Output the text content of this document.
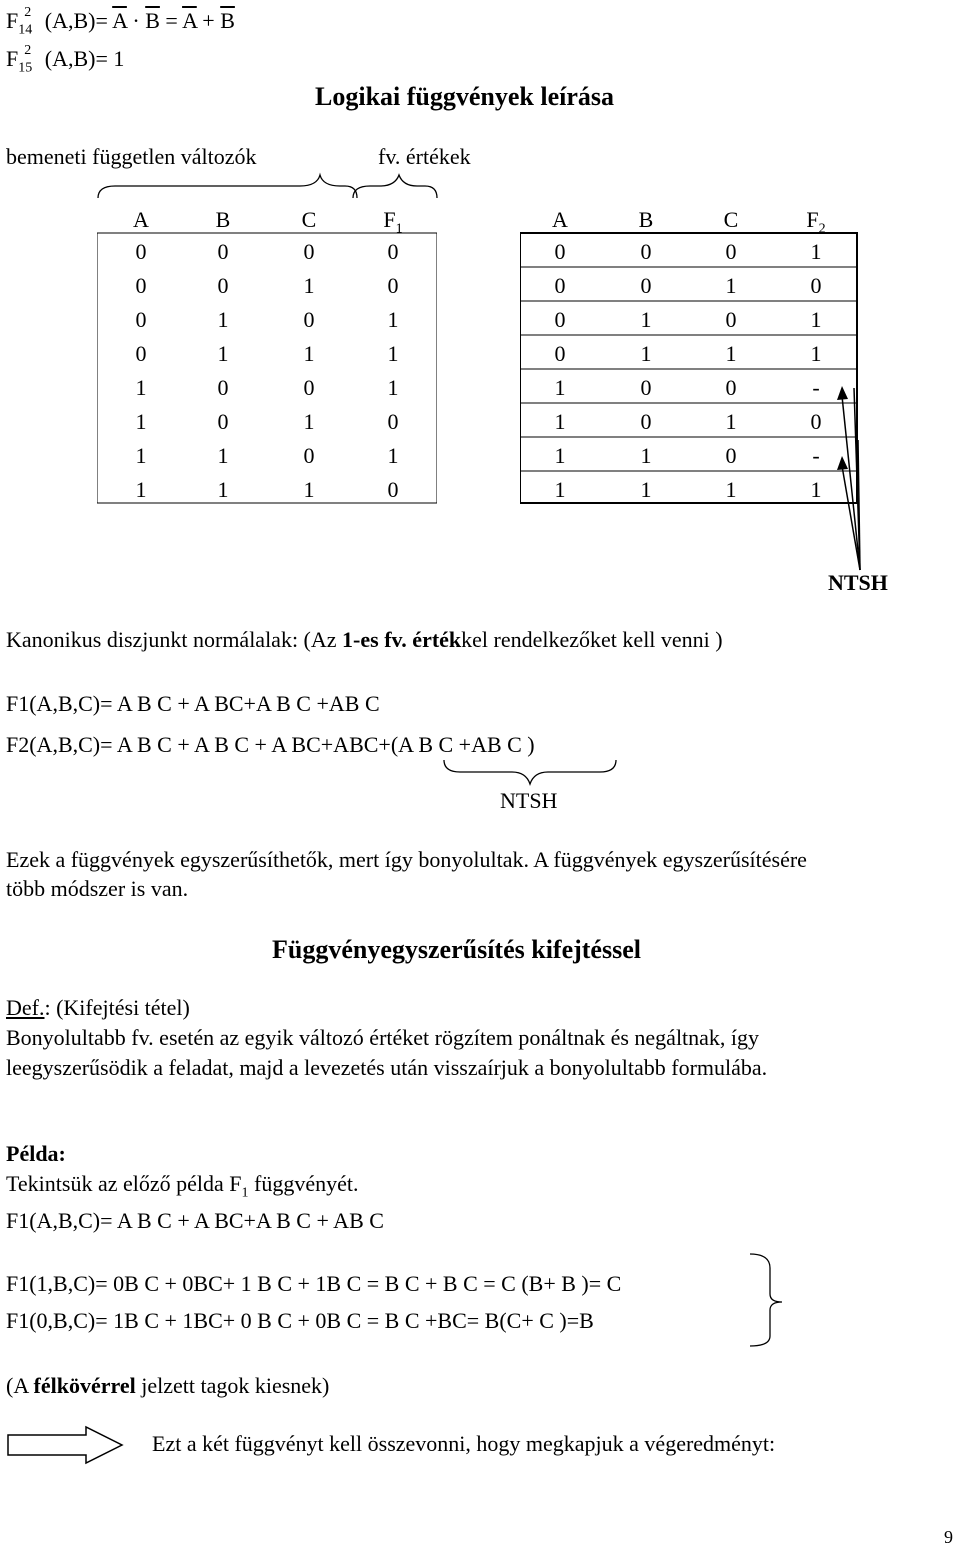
$F_{14}^2$ $(A,B)= \overline{A} \cdot \overline{B} = \overline{A} + \overline{B}$
$F_{15}^2$ (A,B)= 1
Logikai függvények leírása
bemeneti független változók	fv. értékek
A	B	C	$F_1$
0	0	0	0
0	0	1	0
0	1	0	1
0	1	1	1
1	0	0	1
1	0	1	0
1	1	0	1
1	1	1	0
A	B	C	$F_2$
0	0	0	1
0	0	1	0
0	1	0	1
0	1	1	1
1	0	0	-
1	0	1	0
1	1	0	-
1	1	1	1
NTSH
Kanonikus diszjunkt normálalak: (Az 1-es fv. értékkel rendelkezőket kell venni )
F1(A,B,C)= A B C + A BC+A B C +AB C
F2(A,B,C)= A B C + A B C + A BC+ABC+(A B C +AB C )
NTSH
Ezek a függvények egyszerűsíthetők, mert így bonyolultak. A függvények egyszerűsítésére
több módszer is van.
Függvényegyszerűsítés kifejtéssel
Def.: (Kifejtési tétel)
Bonyolultabb fv. esetén az egyik változó értéket rögzítem ponáltnak és negáltnak, így
leegyszerűsödik a feladat, majd a levezetés után visszaírjuk a bonyolultabb formulába.
Példa:
Tekintsük az előző példa $F_1$ függvényét.
F1(A,B,C)= A B C + A BC+A B C + AB C
F1(1,B,C)= 0B C + 0BC+ 1 B C + 1B C = B C + B C = C (B+ B )= C
F1(0,B,C)= 1B C + 1BC+ 0 B C + 0B C = B C +BC= B(C+ C )=B
(A félkövérrel jelzett tagok kiesnek)
Ezt a két függvényt kell összevonni, hogy megkapjuk a végeredményt:
9
